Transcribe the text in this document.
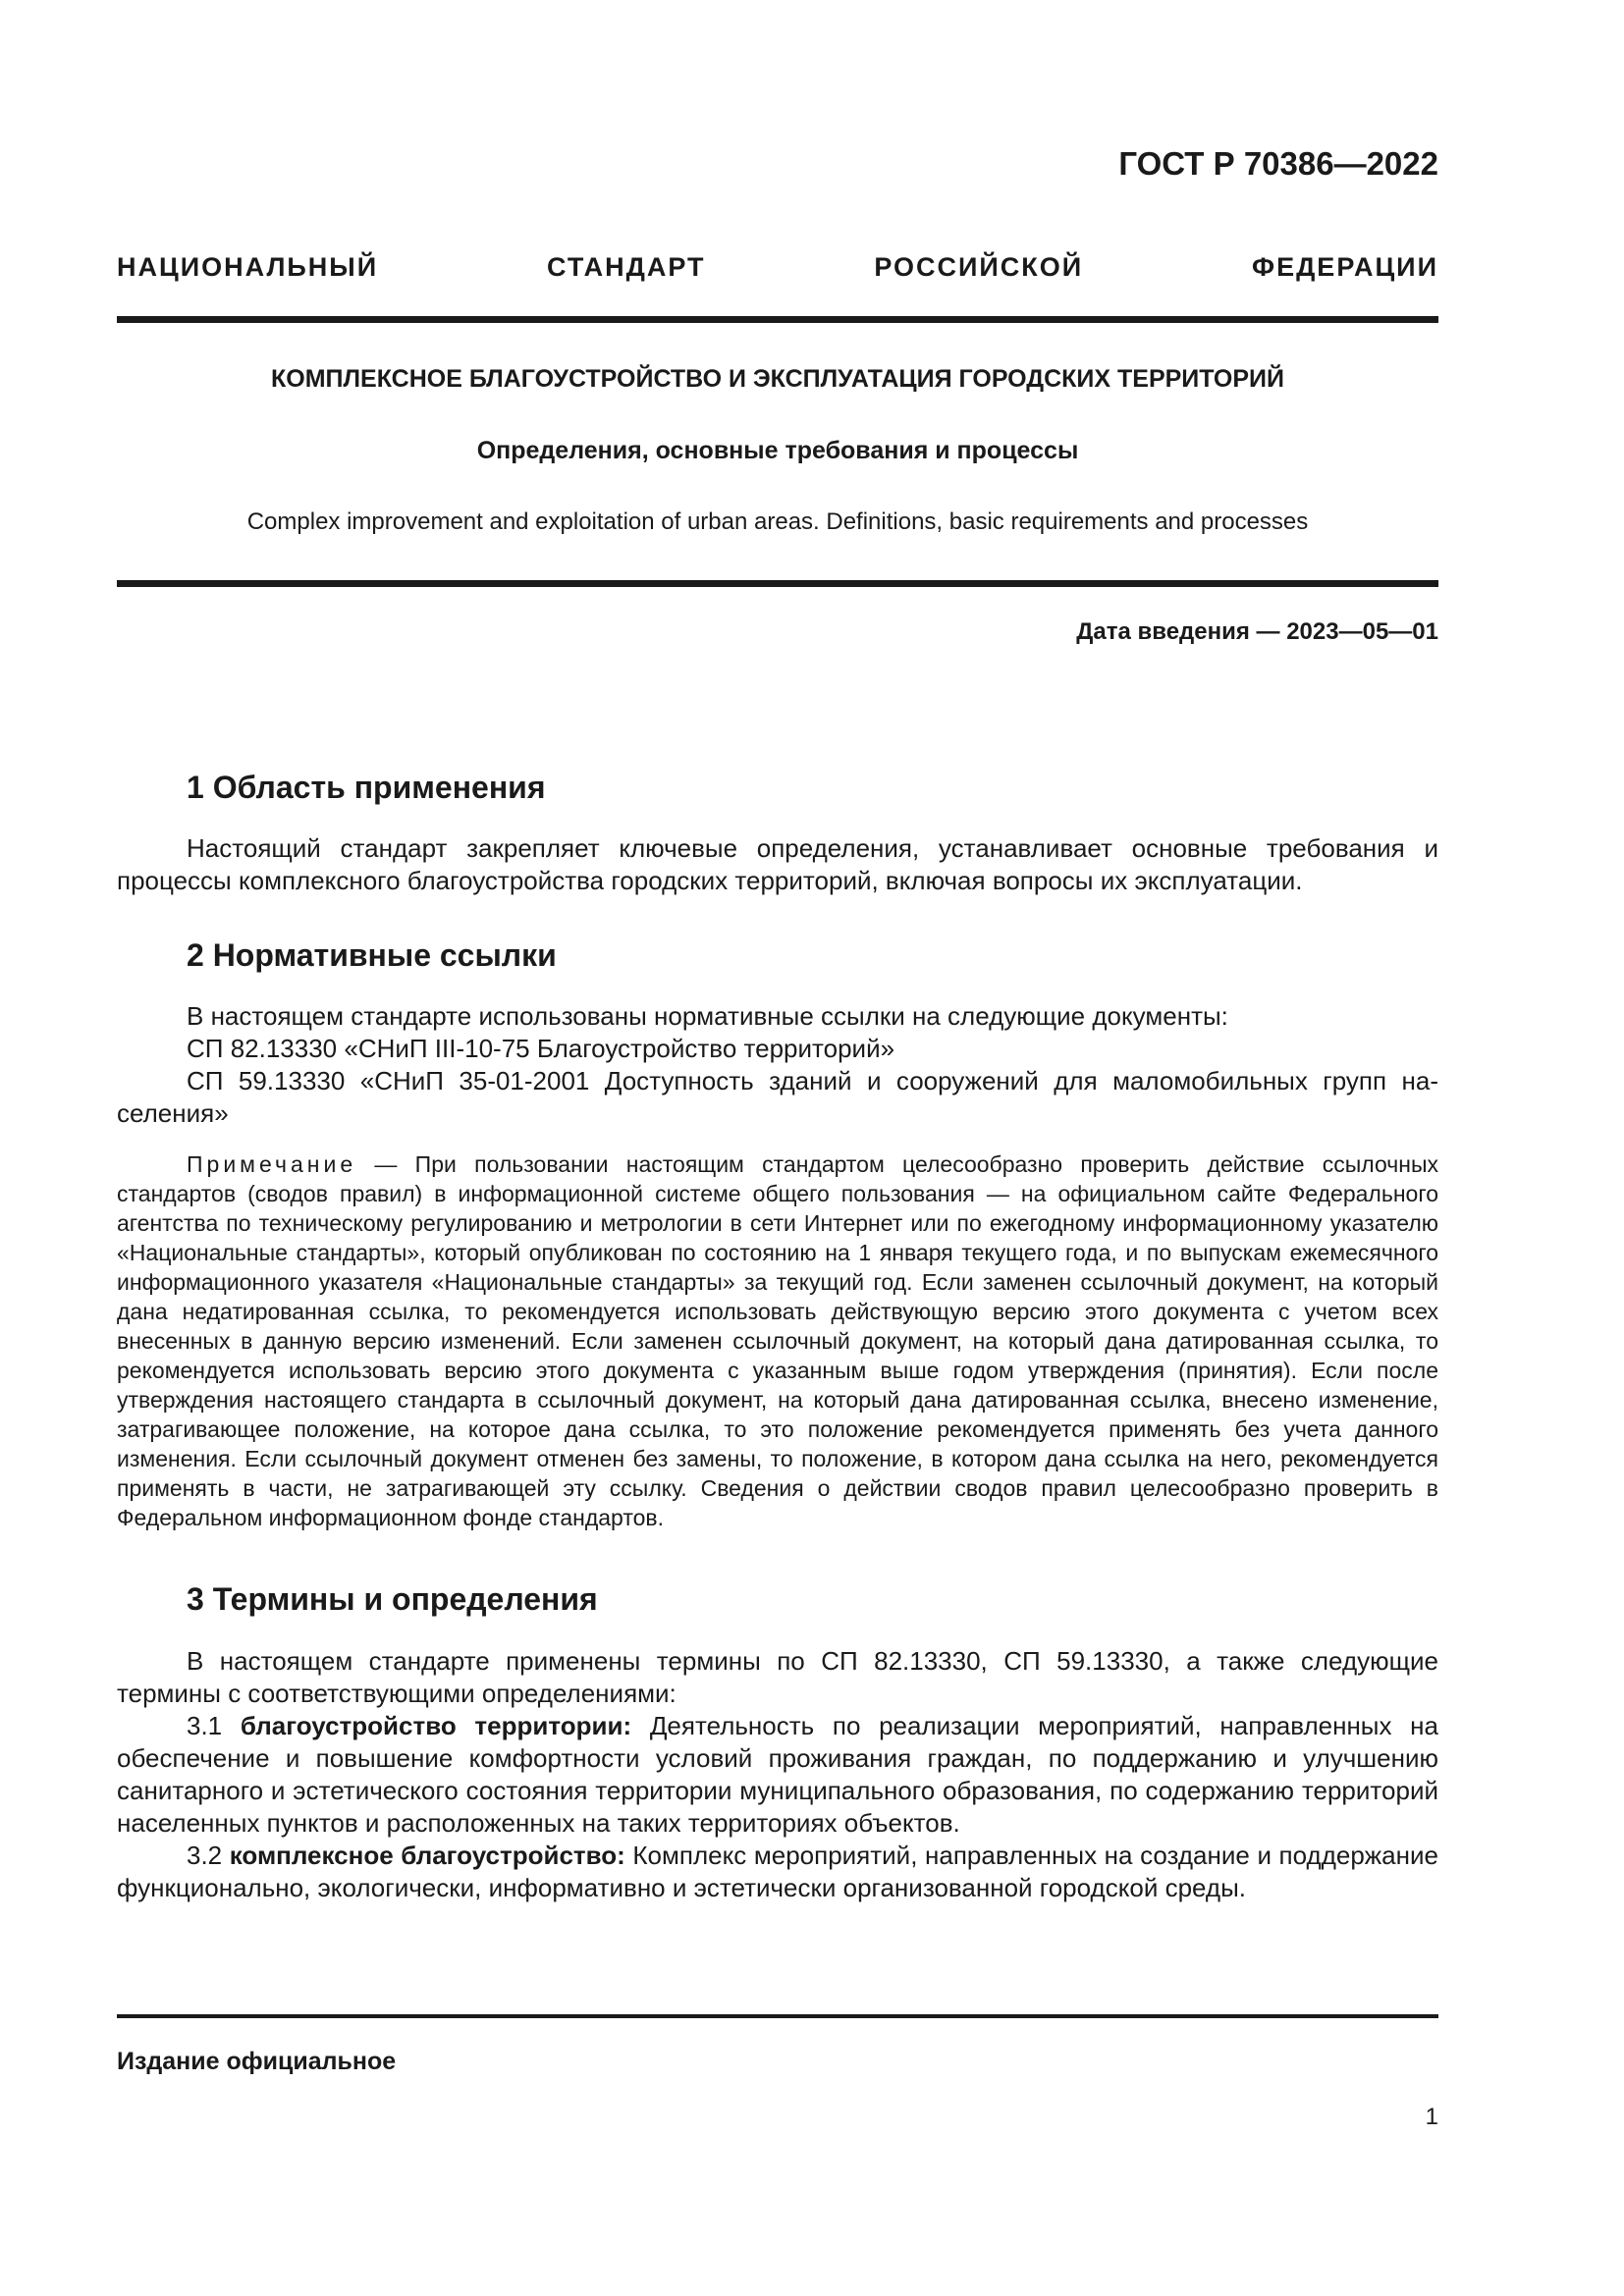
ГОСТ Р 70386—2022

НАЦИОНАЛЬНЫЙ СТАНДАРТ РОССИЙСКОЙ ФЕДЕРАЦИИ

КОМПЛЕКСНОЕ БЛАГОУСТРОЙСТВО И ЭКСПЛУАТАЦИЯ ГОРОДСКИХ ТЕРРИТОРИЙ

Определения, основные требования и процессы

Complex improvement and exploitation of urban areas. Definitions, basic requirements and processes

Дата введения — 2023—05—01

1 Область применения

Настоящий стандарт закрепляет ключевые определения, устанавливает основные требования и процессы комплексного благоустройства городских территорий, включая вопросы их эксплуатации.

2 Нормативные ссылки

В настоящем стандарте использованы нормативные ссылки на следующие документы:

СП 82.13330 «СНиП III-10-75 Благоустройство территорий»

СП 59.13330 «СНиП 35-01-2001 Доступность зданий и сооружений для маломобильных групп на-

селения»

Примечание — При пользовании настоящим стандартом целесообразно проверить действие ссылочных стандартов (сводов правил) в информационной системе общего пользования — на официальном сайте Федерального агентства по техническому регулированию и метрологии в сети Интернет или по ежегодному информационному указателю «Национальные стандарты», который опубликован по состоянию на 1 января текущего года, и по выпускам ежемесячного информационного указателя «Национальные стандарты» за текущий год. Если заменен ссылочный документ, на который дана недатированная ссылка, то рекомендуется использовать действующую версию этого документа с учетом всех внесенных в данную версию изменений. Если заменен ссылочный документ, на который дана датированная ссылка, то рекомендуется использовать версию этого документа с указанным выше годом утверждения (принятия). Если после утверждения настоящего стандарта в ссылочный документ, на который дана датированная ссылка, внесено изменение, затрагивающее положение, на которое дана ссылка, то это положение рекомендуется применять без учета данного изменения. Если ссылочный документ отменен без замены, то положение, в котором дана ссылка на него, рекомендуется применять в части, не затрагивающей эту ссылку. Сведения о действии сводов правил целесообразно проверить в Федеральном информационном фонде стандартов.

3 Термины и определения

В настоящем стандарте применены термины по СП 82.13330, СП 59.13330, а также следующие термины с соответствующими определениями:

3.1 благоустройство территории: Деятельность по реализации мероприятий, направленных на обеспечение и повышение комфортности условий проживания граждан, по поддержанию и улучшению санитарного и эстетического состояния территории муниципального образования, по содержанию территорий населенных пунктов и расположенных на таких территориях объектов.

3.2 комплексное благоустройство: Комплекс мероприятий, направленных на создание и поддержание функционально, экологически, информативно и эстетически организованной городской среды.

Издание официальное

1
